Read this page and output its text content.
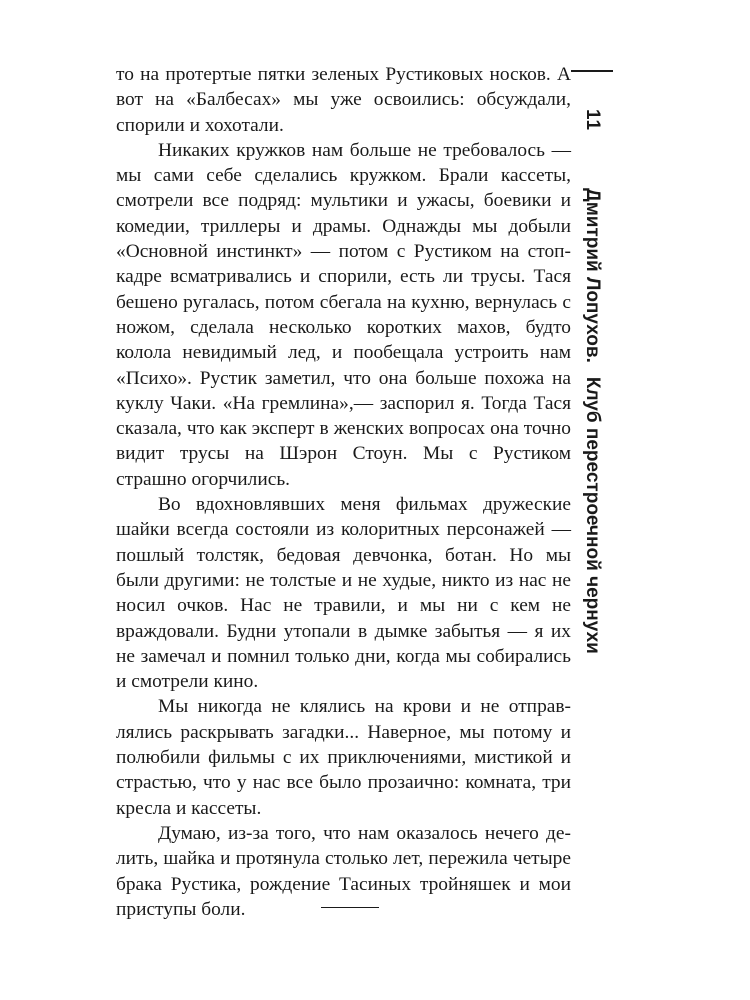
то на протертые пятки зеленых Рустиковых носков. А вот на «Балбесах» мы уже освоились: обсуждали, спорили и хохотали.

Никаких кружков нам больше не требовалось — мы сами себе сделались кружком. Брали кассеты, смотрели все подряд: мультики и ужасы, боевики и комедии, триллеры и драмы. Однажды мы добыли «Основной инстинкт» — потом с Рустиком на стоп-кадре всматривались и спорили, есть ли трусы. Тася бешено ругалась, потом сбегала на кухню, вернулась с ножом, сделала несколько коротких махов, будто колола невидимый лед, и пообещала устроить нам «Психо». Рустик заметил, что она больше похожа на куклу Чаки. «На гремлина»,— заспорил я. Тогда Тася сказала, что как эксперт в женских вопросах она точно видит трусы на Шэрон Стоун. Мы с Рустиком страшно огорчились.

Во вдохновлявших меня фильмах дружеские шайки всегда состояли из колоритных персонажей — пошлый толстяк, бедовая девчонка, ботан. Но мы были другими: не толстые и не худые, никто из нас не носил очков. Нас не травили, и мы ни с кем не враждовали. Будни утопали в дымке забытья — я их не замечал и помнил только дни, когда мы собирались и смотрели кино.

Мы никогда не клялись на крови и не отправлялись раскрывать загадки... Наверное, мы потому и полюбили фильмы с их приключениями, мистикой и страстью, что у нас все было прозаично: комната, три кресла и кассеты.

Думаю, из-за того, что нам оказалось нечего делить, шайка и протянула столько лет, пережила четыре брака Рустика, рождение Тасиных тройняшек и мои приступы боли.

11
Дмитрий Лопухов.Клуб перестроечной чернухи
